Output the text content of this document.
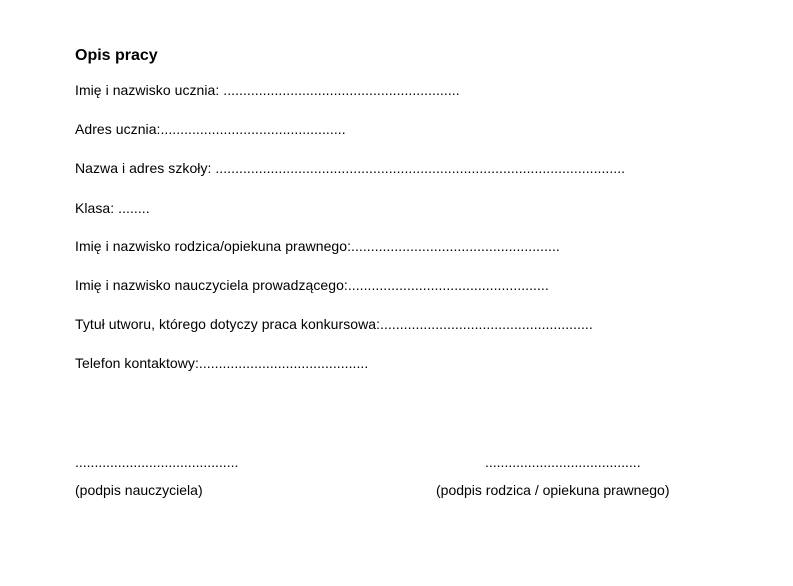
Opis pracy
Imię i nazwisko ucznia: ............................................................
Adres ucznia:...............................................
Nazwa i adres szkoły: ........................................................................................................
Klasa: ........
Imię i nazwisko rodzica/opiekuna prawnego:.....................................................
Imię i nazwisko nauczyciela prowadzącego:...................................................
Tytuł utworu, którego dotyczy praca konkursowa:......................................................
Telefon kontaktowy:...........................................
..........................................
(podpis nauczyciela)
........................................
(podpis rodzica / opiekuna prawnego)
